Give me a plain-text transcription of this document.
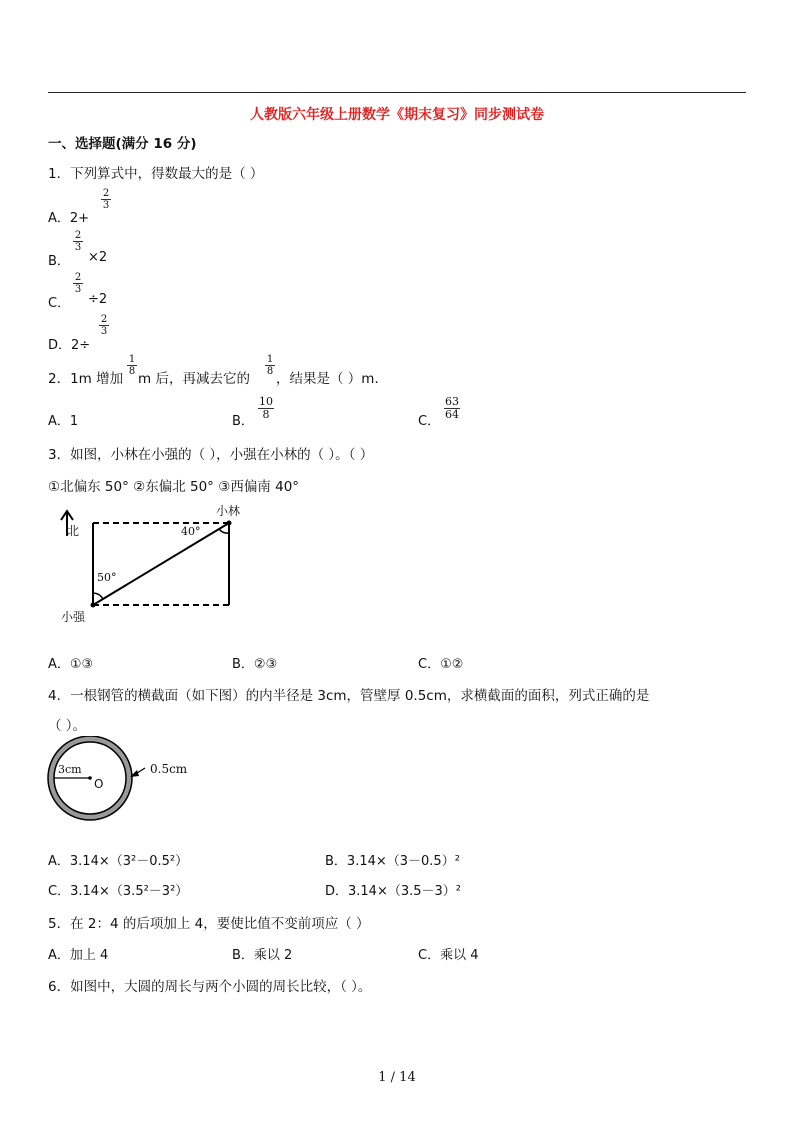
人教版六年级上册数学《期末复习》同步测试卷
一、选择题(满分 16 分)
1．下列算式中，得数最大的是（ ）
A．2+
2
3
B．
2
3
×2
C．
2
3
÷2
D．2÷
2
3
2．1m 增加
1
8 m 后，再减去它的
1
8 ，结果是（ ）m．
A．1	B．
10
8	C．
63
64
3．如图，小林在小强的（ ），小强在小林的（ ）。（ ）
①北偏东 50° ②东偏北 50° ③西偏南 40°
北
小林
40°
50°
小强
A．①③	B．②③	C．①②
4．一根钢管的横截面（如下图）的内半径是 3cm，管壁厚 0.5cm，求横截面的面积，列式正确的是
（ ）。
3cm
O
0.5cm
A．3.14×（3²－0.5²）	B．3.14×（3－0.5）²
C．3.14×（3.5²－3²）	D．3.14×（3.5－3）²
5．在 2：4 的后项加上 4，要使比值不变前项应（ ）
A．加上 4	B．乘以 2	C．乘以 4
6．如图中，大圆的周长与两个小圆的周长比较，（ ）。
1 / 14
